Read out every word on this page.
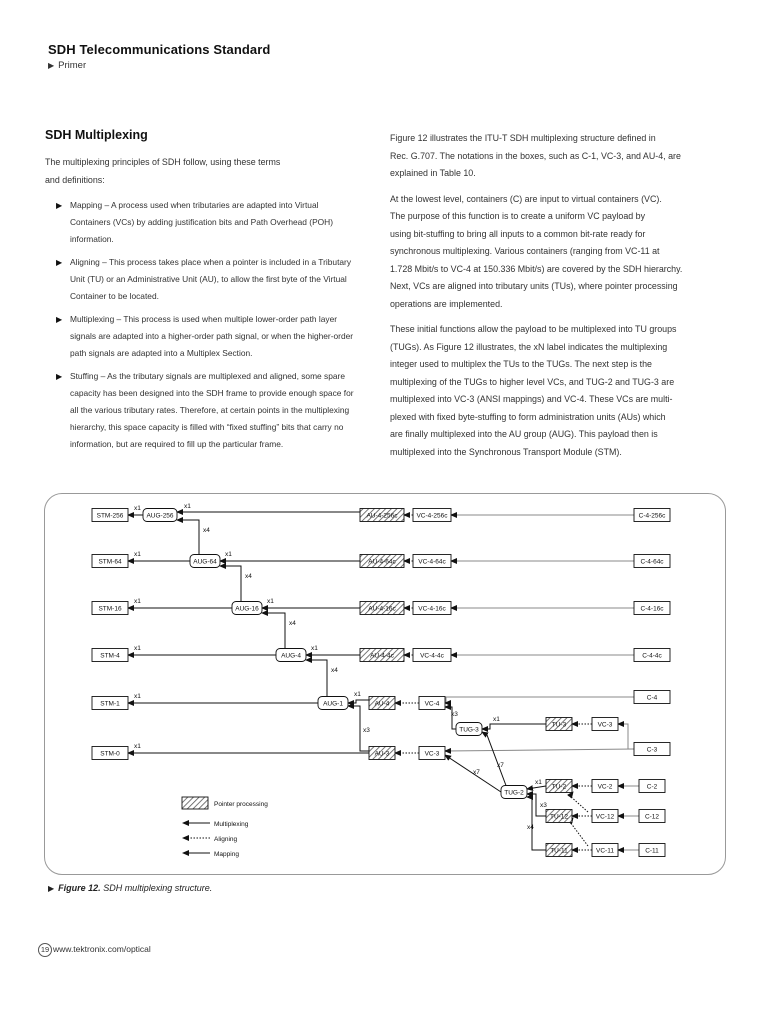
SDH Telecommunications Standard
▶ Primer
SDH Multiplexing

The multiplexing principles of SDH follow, using these terms
and definitions:

▶ Mapping – A process used when tributaries are adapted into Virtual
Containers (VCs) by adding justification bits and Path Overhead (POH)
information.
▶ Aligning – This process takes place when a pointer is included in a Tributary
Unit (TU) or an Administrative Unit (AU), to allow the first byte of the Virtual
Container to be located.
▶ Multiplexing – This process is used when multiple lower-order path layer
signals are adapted into a higher-order path signal, or when the higher-order
path signals are adapted into a Multiplex Section.
▶ Stuffing – As the tributary signals are multiplexed and aligned, some spare
capacity has been designed into the SDH frame to provide enough space for
all the various tributary rates. Therefore, at certain points in the multiplexing
hierarchy, this space capacity is filled with “fixed stuffing” bits that carry no
information, but are required to fill up the particular frame.

Figure 12 illustrates the ITU-T SDH multiplexing structure defined in
Rec. G.707. The notations in the boxes, such as C-1, VC-3, and AU-4, are
explained in Table 10.

At the lowest level, containers (C) are input to virtual containers (VC).
The purpose of this function is to create a uniform VC payload by
using bit-stuffing to bring all inputs to a common bit-rate ready for
synchronous multiplexing. Various containers (ranging from VC-11 at
1.728 Mbit/s to VC-4 at 150.336 Mbit/s) are covered by the SDH hierarchy.
Next, VCs are aligned into tributary units (TUs), where pointer processing
operations are implemented.

These initial functions allow the payload to be multiplexed into TU groups
(TUGs). As Figure 12 illustrates, the xN label indicates the multiplexing
integer used to multiplex the TUs to the TUGs. The next step is the
multiplexing of the TUGs to higher level VCs, and TUG-2 and TUG-3 are
multiplexed into VC-3 (ANSI mappings) and VC-4. These VCs are multi-
plexed with fixed byte-stuffing to form administration units (AUs) which
are finally multiplexed into the AU group (AUG). This payload then is
multiplexed into the Synchronous Transport Module (STM).

STM-256
STM-64
STM-16
STM-4
STM-1
STM-0
AUG-256
AUG-64
AUG-16
AUG-4
AUG-1
AU-4-256c
AU-4-64c
AU-4-16c
AU-4-4c
AU-4
AU-3
VC-4-256c
VC-4-64c
VC-4-16c
VC-4-4c
VC-4
VC-3
C-4-256c
C-4-64c
C-4-16c
C-4-4c
C-4
C-3
TUG-3
TU-3	VC-3
TUG-2
TU-2
TU-12
TU-11
VC-2
VC-12
VC-11
C-2
C-12
C-11
x1
x1
x1
x1
x1
x1
x1
x1
x1
x1
x1
x3
x4
x4
x4
x4
x3
x1
x7
x7
x1
x3
x4
Pointer processing
Multiplexing
Aligning
Mapping
▶ Figure 12. SDH multiplexing structure.
19 www.tektronix.com/optical
